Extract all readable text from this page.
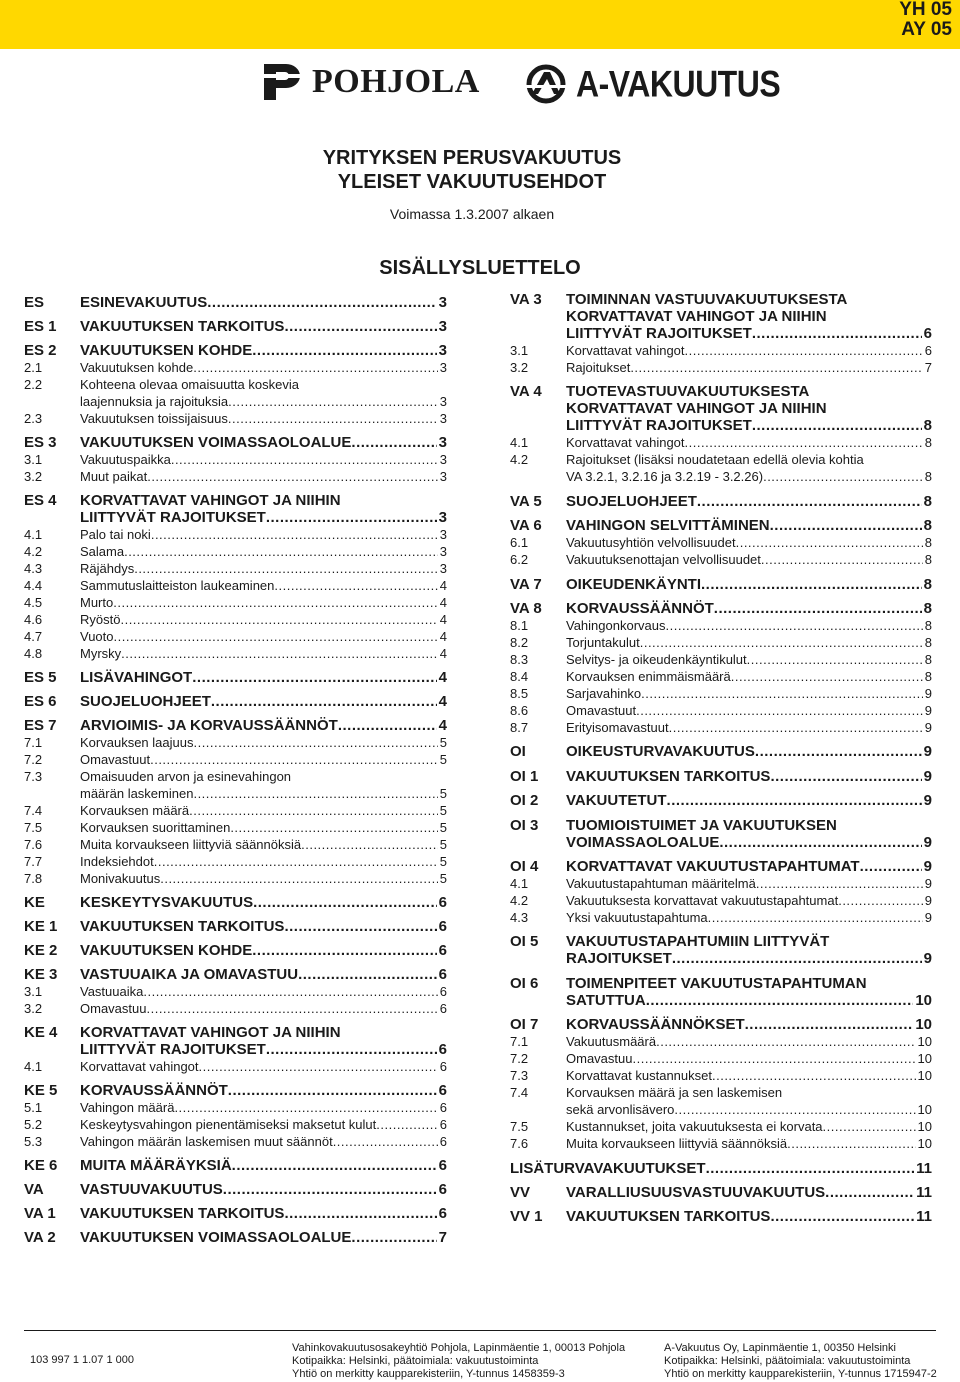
YH 05
AY 05
POHJOLA	A-VAKUUTUS
YRITYKSEN PERUSVAKUUTUS
YLEISET VAKUUTUSEHDOT
Voimassa 1.3.2007 alkaen
SISÄLLYSLUETTELO
ES ESINEVAKUUTUS .....	3
ES 1 VAKUUTUKSEN TARKOITUS .....	3
ES 2 VAKUUTUKSEN KOHDE .....	3
2.1	Vakuutuksen kohde .....	3
2.2	Kohteena olevaa omaisuutta koskevia
laajennuksia ja rajoituksia .....	3
2.3	Vakuutuksen toissijaisuus .....	3
ES 3 VAKUUTUKSEN VOIMASSAOLOALUE .....	3
3.1	Vakuutuspaikka .....	3
3.2	Muut paikat .....	3
ES 4 KORVATTAVAT VAHINGOT JA NIIHIN
LIITTYVÄT RAJOITUKSET .....	3
4.1	Palo tai noki .....	3
4.2	Salama .....	3
4.3	Räjähdys .....	3
4.4	Sammutuslaitteiston laukeaminen .....	4
4.5	Murto .....	4
4.6	Ryöstö .....	4
4.7	Vuoto .....	4
4.8	Myrsky .....	4
ES 5 LISÄVAHINGOT .....	4
ES 6 SUOJELUOHJEET .....	4
ES 7 ARVIOIMIS- JA KORVAUSSÄÄNNÖT .....	4
7.1	Korvauksen laajuus .....	5
7.2	Omavastuut .....	5
7.3	Omaisuuden arvon ja esinevahingon
määrän laskeminen .....	5
7.4	Korvauksen määrä .....	5
7.5	Korvauksen suorittaminen .....	5
7.6	Muita korvaukseen liittyviä säännöksiä .....	5
7.7	Indeksiehdot .....	5
7.8	Monivakuutus .....	5
KE KESKEYTYSVAKUUTUS .....	6
KE 1 VAKUUTUKSEN TARKOITUS .....	6
KE 2 VAKUUTUKSEN KOHDE .....	6
KE 3 VASTUUAIKA JA OMAVASTUU .....	6
3.1	Vastuuaika .....	6
3.2	Omavastuu .....	6
KE 4 KORVATTAVAT VAHINGOT JA NIIHIN
LIITTYVÄT RAJOITUKSET .....	6
4.1	Korvattavat vahingot .....	6
KE 5 KORVAUSSÄÄNNÖT .....	6
5.1	Vahingon määrä .....	6
5.2	Keskeytysvahingon pienentämiseksi maksetut kulut .....	6
5.3	Vahingon määrän laskemisen muut säännöt .....	6
KE 6 MUITA MÄÄRÄYKSIÄ .....	6
VA VASTUUVAKUUTUS .....	6
VA 1 VAKUUTUKSEN TARKOITUS .....	6
VA 2 VAKUUTUKSEN VOIMASSAOLOALUE .....	7
VA 3 TOIMINNAN VASTUUVAKUUTUKSESTA
KORVATTAVAT VAHINGOT JA NIIHIN
LIITTYVÄT RAJOITUKSET .....	6
3.1	Korvattavat vahingot .....	6
3.2	Rajoitukset .....	7
VA 4 TUOTEVASTUUVAKUUTUKSESTA
KORVATTAVAT VAHINGOT JA NIIHIN
LIITTYVÄT RAJOITUKSET .....	8
4.1	Korvattavat vahingot .....	8
4.2	Rajoitukset (lisäksi noudatetaan edellä olevia kohtia
VA 3.2.1, 3.2.16 ja 3.2.19 - 3.2.26) .....	8
VA 5 SUOJELUOHJEET .....	8
VA 6 VAHINGON SELVITTÄMINEN .....	8
6.1	Vakuutusyhtiön velvollisuudet .....	8
6.2	Vakuutuksenottajan velvollisuudet .....	8
VA 7 OIKEUDENKÄYNTI .....	8
VA 8 KORVAUSSÄÄNNÖT .....	8
8.1	Vahingonkorvaus .....	8
8.2	Torjuntakulut .....	8
8.3	Selvitys- ja oikeudenkäyntikulut .....	8
8.4	Korvauksen enimmäismäärä .....	8
8.5	Sarjavahinko .....	9
8.6	Omavastuut .....	9
8.7	Erityisomavastuut .....	9
OI	OIKEUSTURVAVAKUUTUS .....	9
OI 1 VAKUUTUKSEN TARKOITUS .....	9
OI 2 VAKUUTETUT .....	9
OI 3 TUOMIOISTUIMET JA VAKUUTUKSEN
VOIMASSAOLOALUE .....	9
OI 4 KORVATTAVAT VAKUUTUSTAPAHTUMAT .....	9
4.1	Vakuutustapahtuman määritelmä .....	9
4.2	Vakuutuksesta korvattavat vakuutustapahtumat .....	9
4.3	Yksi vakuutustapahtuma .....	9
OI 5 VAKUUTUSTAPAHTUMIIN LIITTYVÄT
RAJOITUKSET .....	9
OI 6 TOIMENPITEET VAKUUTUSTAPAHTUMAN
SATUTTUA .....	10
OI 7 KORVAUSSÄÄNNÖKSET .....	10
7.1	Vakuutusmäärä .....	10
7.2	Omavastuu .....	10
7.3	Korvattavat kustannukset .....	10
7.4	Korvauksen määrä ja sen laskemisen
sekä arvonlisävero .....	10
7.5	Kustannukset, joita vakuutuksesta ei korvata .....	10
7.6	Muita korvaukseen liittyviä säännöksiä .....	10
LISÄTURVAVAKUUTUKSET .....	11
VV VARALLIUSUUSVASTUUVAKUUTUS .....	11
VV 1 VAKUUTUKSEN TARKOITUS .....	11
103 997 1 1.07 1 000
Vahinkovakuutusosakeyhtiö Pohjola, Lapinmäentie 1, 00013 Pohjola
Kotipaikka: Helsinki, päätoimiala: vakuutustoiminta
Yhtiö on merkitty kaupparekisteriin, Y-tunnus 1458359-3
A-Vakuutus Oy, Lapinmäentie 1, 00350 Helsinki
Kotipaikka: Helsinki, päätoimiala: vakuutustoiminta
Yhtiö on merkitty kaupparekisteriin, Y-tunnus 1715947-2
